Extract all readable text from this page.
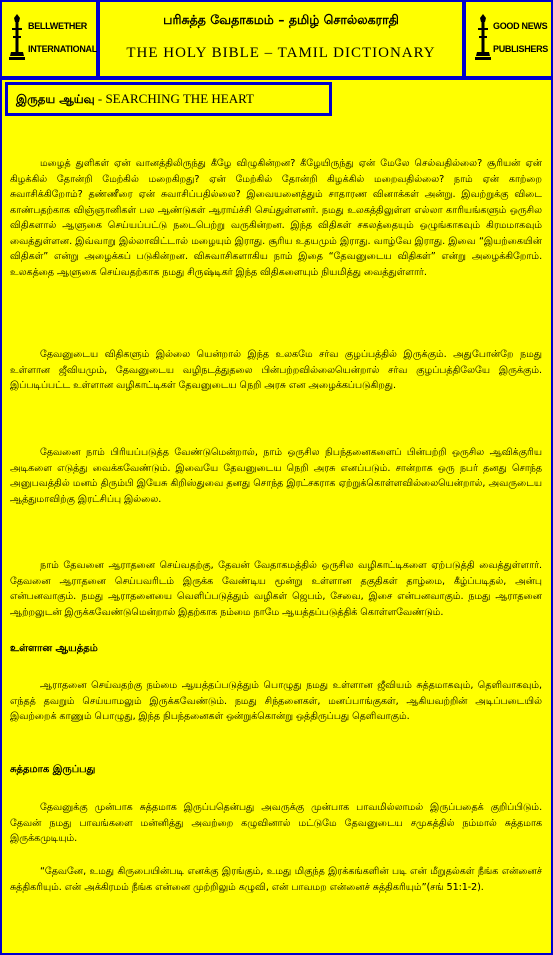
BELLWETHER
INTERNATIONAL
பரிசுத்த வேதாகமம் – தமிழ் சொல்லகராதி
THE HOLY BIBLE – TAMIL DICTIONARY
GOOD NEWS
PUBLISHERS
இருதய ஆய்வு - SEARCHING THE HEART

மழைத் துளிகள் ஏன் வானத்திலிருந்து கீழே விழுகின்றன? கீழேயிருந்து ஏன் மேலே செல்வதில்லை? சூரியன் ஏன் கிழக்கில் தோன்றி மேற்கில் மறைகிறது? ஏன் மேற்கில் தோன்றி கிழக்கில் மறைவதில்லை? நாம் ஏன் காற்றை சுவாசிக்கிறோம்? தண்ணீரை ஏன் சுவாசிப்பதில்லை? இவையனைத்தும் சாதாரண வினாக்கள் அன்று. இவற்றுக்கு விடை காண்பதற்காக விஞ்ஞானிகள் பல ஆண்டுகள் ஆராய்ச்சி செய்துள்ளனர். நமது உலகத்திலுள்ள எல்லா காரியங்களும் ஒருசில விதிகளால் ஆளுகை செய்யப்பட்டு நடைபெற்று வருகின்றன. இந்த விதிகள் சகலத்தையும் ஒழுங்காகவும் கிரமமாகவும் வைத்துள்ளன. இவ்வாறு இல்லாவிட்டால் மழையும் இராது. சூரிய உதயமும் இராது. வாழ்வே இராது. இவை “இயற்கையின் விதிகள்” என்று அழைக்கப் படுகின்றன. விசுவாசிகளாகிய நாம் இதை “தேவனுடைய விதிகள்” என்று அழைக்கிறோம். உலகத்தை ஆளுகை செய்வதற்காக நமது சிருஷ்டிகர் இந்த விதிகளையும் நியமித்து வைத்துள்ளார்.

தேவனுடைய விதிகளும் இல்லை யென்றால் இந்த உலகமே சர்வ குழப்பத்தில் இருக்கும். அதுபோன்றே நமது உள்ளான ஜீவியமும், தேவனுடைய வழிநடத்துதலை பின்பற்றவில்லையென்றால் சர்வ குழப்பத்திலேயே இருக்கும். இப்படிப்பட்ட உள்ளான வழிகாட்டிகள் தேவனுடைய நெறி அரசு என அழைக்கப்படுகிறது.

தேவனை நாம் பிரியப்படுத்த வேண்டுமென்றால், நாம் ஒருசில நிபந்தனைகளைப் பின்பற்றி ஒருசில ஆவிக்குரிய அடிகளை எடுத்து வைக்கவேண்டும். இவையே தேவனுடைய நெறி அரசு எனப்படும். சான்றாக ஒரு நபர் தனது சொந்த அனுபவத்தில் மனம் திரும்பி இயேசு கிறிஸ்துவை தனது சொந்த இரட்சகராக ஏற்றுக்கொள்ளவில்லையென்றால், அவருடைய ஆத்துமாவிற்கு இரட்சிப்பு இல்லை.

நாம் தேவனை ஆராதனை செய்வதற்கு, தேவன் வேதாகமத்தில் ஒருசில வழிகாட்டிகளை ஏற்படுத்தி வைத்துள்ளார். தேவனை ஆராதனை செய்பவரிடம் இருக்க வேண்டிய மூன்று உள்ளான தகுதிகள் தாழ்மை, கீழ்ப்படிதல், அன்பு என்பனவாகும். நமது ஆராதனையை வெளிப்படுத்தும் வழிகள் ஜெபம், சேவை, இசை என்பனவாகும். நமது ஆராதனை ஆற்றலுடன் இருக்கவேண்டுமென்றால் இதற்காக நம்மை நாமே ஆயத்தப்படுத்திக் கொள்ளவேண்டும்.

உள்ளான ஆயத்தம்

ஆராதனை செய்வதற்கு நம்மை ஆயத்தப்படுத்தும் பொழுது நமது உள்ளான ஜீவியம் சுத்தமாகவும், தெளிவாகவும், எந்தத் தவறும் செய்யாமலும் இருக்கவேண்டும். நமது சிந்தனைகள், மனப்பாங்குகள், ஆகியவற்றின் அடிப்படையில் இவற்றைக் காணும் பொழுது, இந்த நிபந்தனைகள் ஒன்றுக்கொன்று ஒத்திருப்பது தெளிவாகும்.

சுத்தமாக இருப்பது

தேவனுக்கு முன்பாக சுத்தமாக இருப்பதென்பது அவருக்கு முன்பாக பாவமில்லாமல் இருப்பதைக் குறிப்பிடும். தேவன் நமது பாவங்களை மன்னித்து அவற்றை கழுவினால் மட்டுமே தேவனுடைய சமுகத்தில் நம்மால் சுத்தமாக இருக்கமுடியும்.

“தேவனே, உமது கிருபையின்படி எனக்கு இரங்கும், உமது மிகுந்த இரக்கங்களின் படி என் மீறுதல்கள் நீங்க என்னைச் சுத்திகரியும். என் அக்கிரமம் நீங்க என்னை முற்றிலும் கழுவி, என் பாவமற என்னைச் சுத்திகரியும்”(சங் 51:1-2).
